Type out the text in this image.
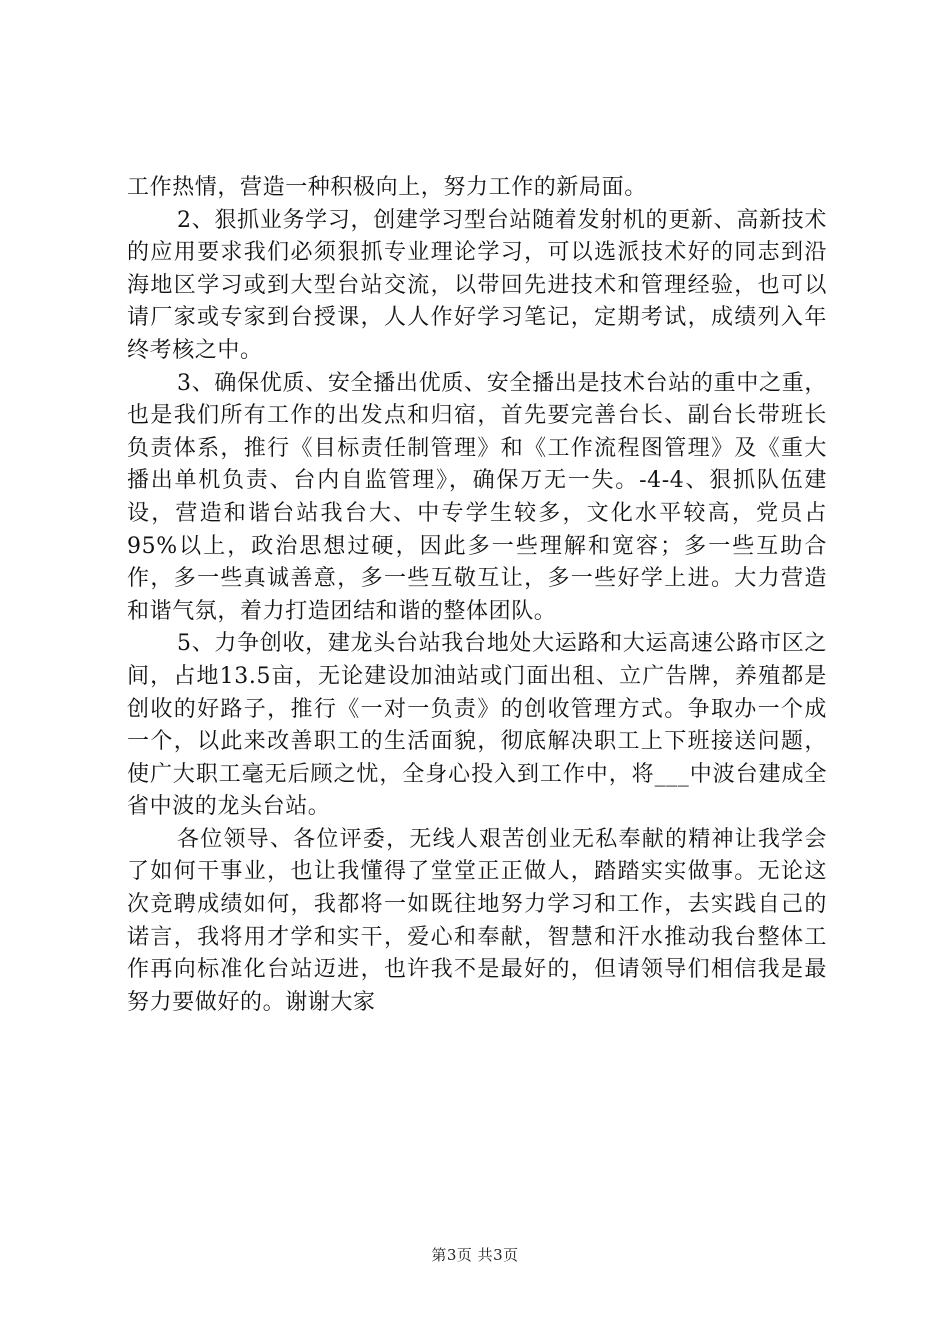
工作热情，营造一种积极向上，努力工作的新局面。

2、狠抓业务学习，创建学习型台站随着发射机的更新、高新技术的应用要求我们必须狠抓专业理论学习，可以选派技术好的同志到沿海地区学习或到大型台站交流，以带回先进技术和管理经验，也可以请厂家或专家到台授课，人人作好学习笔记，定期考试，成绩列入年终考核之中。

3、确保优质、安全播出优质、安全播出是技术台站的重中之重，也是我们所有工作的出发点和归宿，首先要完善台长、副台长带班长负责体系，推行《目标责任制管理》和《工作流程图管理》及《重大播出单机负责、台内自监管理》，确保万无一失。-4-4、狠抓队伍建设，营造和谐台站我台大、中专学生较多，文化水平较高，党员占95%以上，政治思想过硬，因此多一些理解和宽容；多一些互助合作，多一些真诚善意，多一些互敬互让，多一些好学上进。大力营造和谐气氛，着力打造团结和谐的整体团队。

5、力争创收，建龙头台站我台地处大运路和大运高速公路市区之间，占地13.5亩，无论建设加油站或门面出租、立广告牌，养殖都是创收的好路子，推行《一对一负责》的创收管理方式。争取办一个成一个，以此来改善职工的生活面貌，彻底解决职工上下班接送问题，使广大职工毫无后顾之忧，全身心投入到工作中，将___中波台建成全省中波的龙头台站。

各位领导、各位评委，无线人艰苦创业无私奉献的精神让我学会了如何干事业，也让我懂得了堂堂正正做人，踏踏实实做事。无论这次竞聘成绩如何，我都将一如既往地努力学习和工作，去实践自己的诺言，我将用才学和实干，爱心和奉献，智慧和汗水推动我台整体工作再向标准化台站迈进，也许我不是最好的，但请领导们相信我是最努力要做好的。谢谢大家

第3页 共3页
